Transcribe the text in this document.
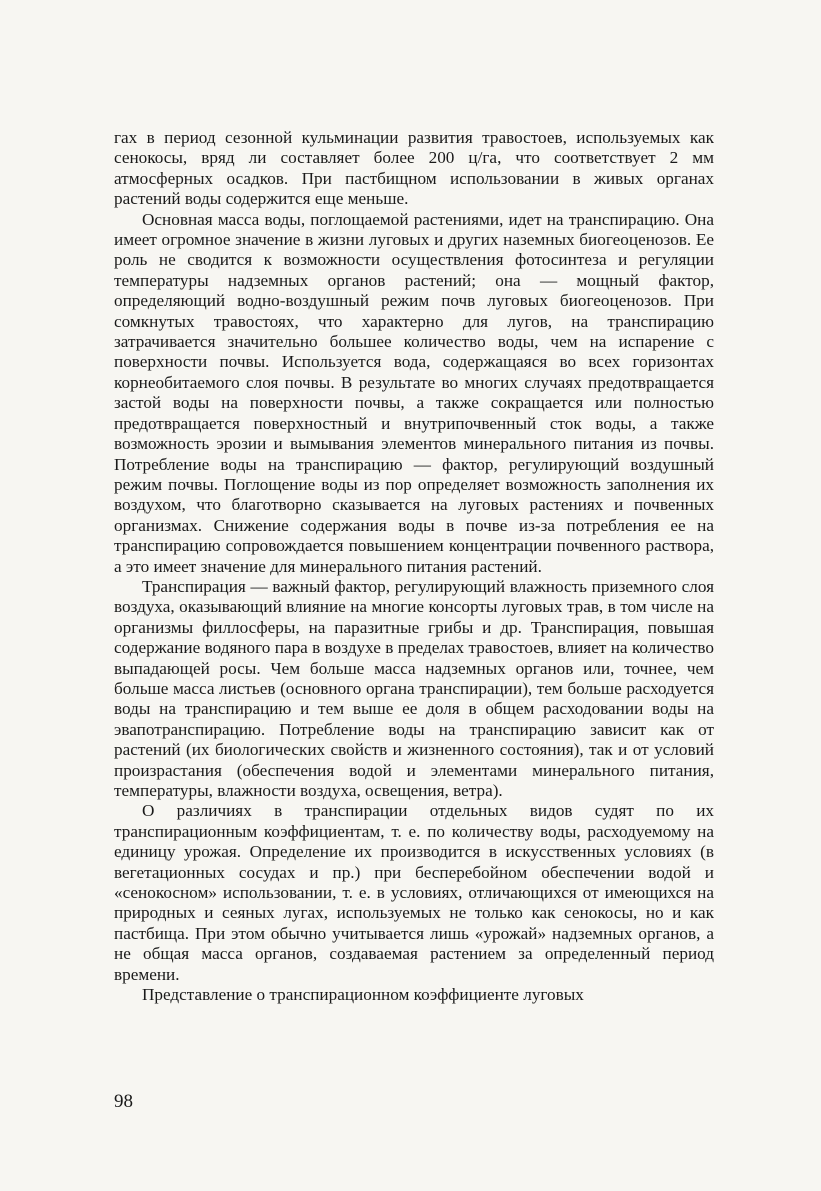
гах в период сезонной кульминации развития травостоев, используемых как сенокосы, вряд ли составляет более 200 ц/га, что соответствует 2 мм атмосферных осадков. При пастбищном использовании в живых органах растений воды содержится еще меньше.

Основная масса воды, поглощаемой растениями, идет на транспирацию. Она имеет огромное значение в жизни луговых и других наземных биогеоценозов. Ее роль не сводится к возможности осуществления фотосинтеза и регуляции температуры надземных органов растений; она — мощный фактор, определяющий водно-воздушный режим почв луговых биогеоценозов. При сомкнутых травостоях, что характерно для лугов, на транспирацию затрачивается значительно большее количество воды, чем на испарение с поверхности почвы. Используется вода, содержащаяся во всех горизонтах корнеобитаемого слоя почвы. В результате во многих случаях предотвращается застой воды на поверхности почвы, а также сокращается или полностью предотвращается поверхностный и внутрипочвенный сток воды, а также возможность эрозии и вымывания элементов минерального питания из почвы. Потребление воды на транспирацию — фактор, регулирующий воздушный режим почвы. Поглощение воды из пор определяет возможность заполнения их воздухом, что благотворно сказывается на луговых растениях и почвенных организмах. Снижение содержания воды в почве из-за потребления ее на транспирацию сопровождается повышением концентрации почвенного раствора, а это имеет значение для минерального питания растений.

Транспирация — важный фактор, регулирующий влажность приземного слоя воздуха, оказывающий влияние на многие консорты луговых трав, в том числе на организмы филлосферы, на паразитные грибы и др. Транспирация, повышая содержание водяного пара в воздухе в пределах травостоев, влияет на количество выпадающей росы. Чем больше масса надземных органов или, точнее, чем больше масса листьев (основного органа транспирации), тем больше расходуется воды на транспирацию и тем выше ее доля в общем расходовании воды на эвапотранспирацию. Потребление воды на транспирацию зависит как от растений (их биологических свойств и жизненного состояния), так и от условий произрастания (обеспечения водой и элементами минерального питания, температуры, влажности воздуха, освещения, ветра).

О различиях в транспирации отдельных видов судят по их транспирационным коэффициентам, т. е. по количеству воды, расходуемому на единицу урожая. Определение их производится в искусственных условиях (в вегетационных сосудах и пр.) при бесперебойном обеспечении водой и «сенокосном» использовании, т. е. в условиях, отличающихся от имеющихся на природных и сеяных лугах, используемых не только как сенокосы, но и как пастбища. При этом обычно учитывается лишь «урожай» надземных органов, а не общая масса органов, создаваемая растением за определенный период времени.

Представление о транспирационном коэффициенте луговых

98
